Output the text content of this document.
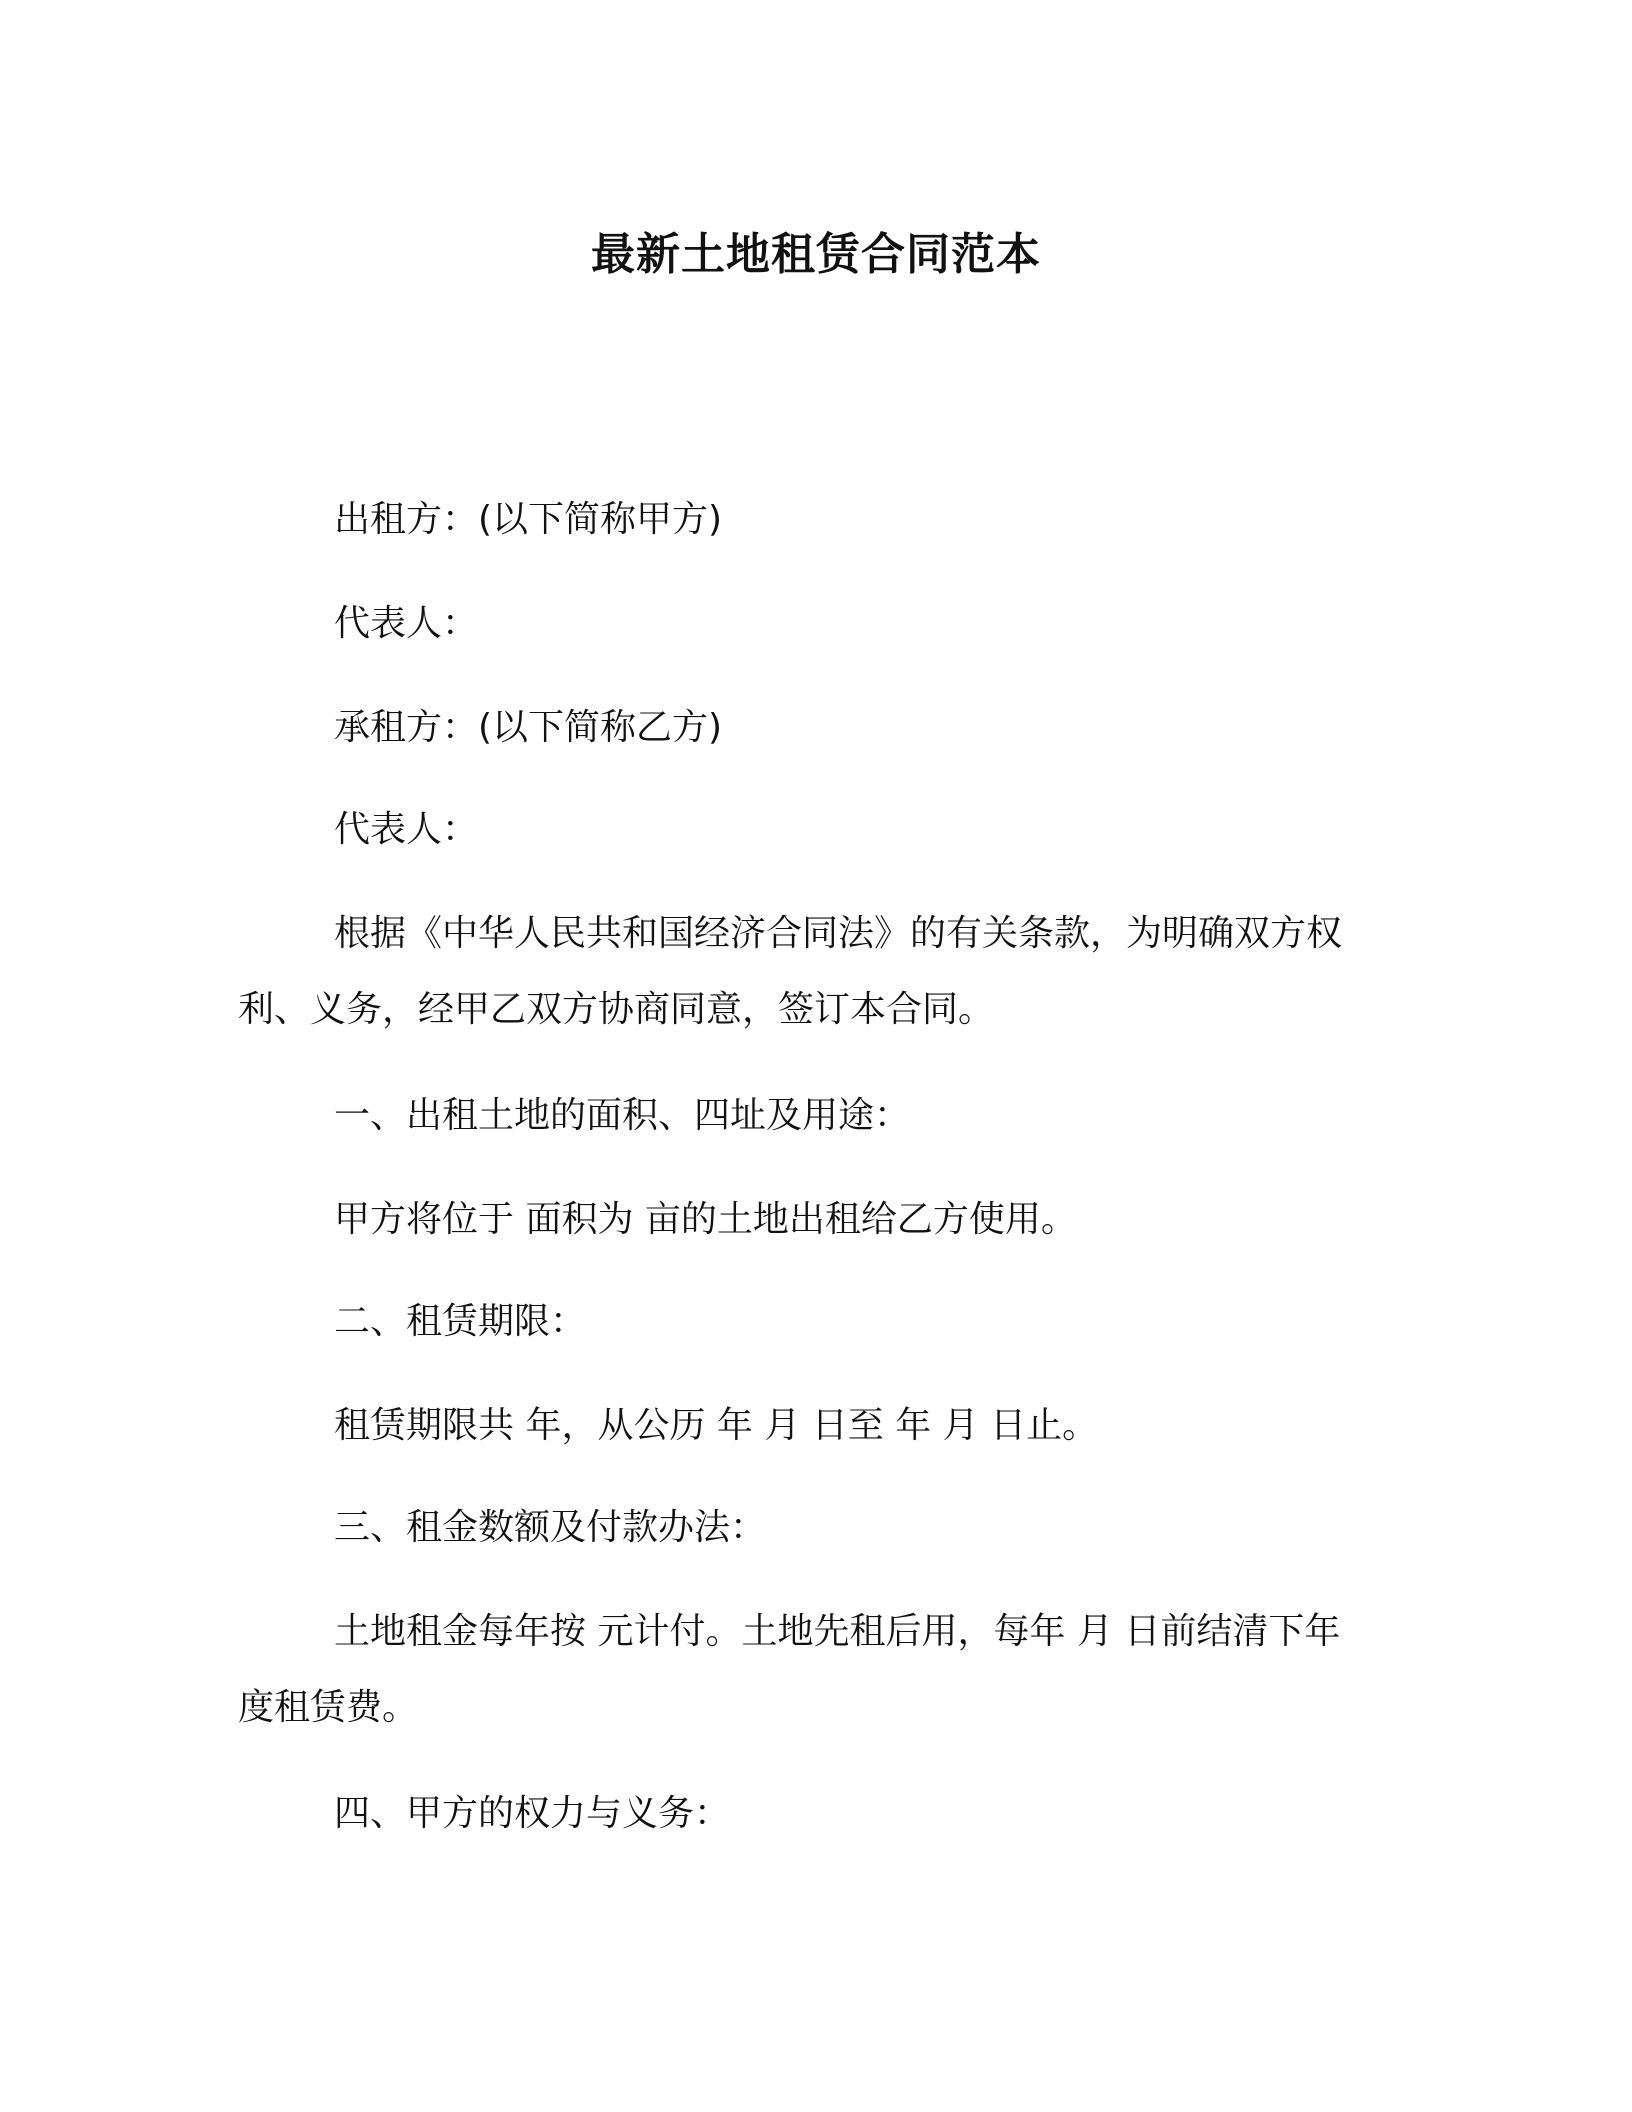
最新土地租赁合同范本

出租方：(以下简称甲方)

代表人：

承租方：(以下简称乙方)

代表人：

根据《中华人民共和国经济合同法》的有关条款，为明确双方权

利、义务，经甲乙双方协商同意，签订本合同。

一、出租土地的面积、四址及用途：

甲方将位于 面积为 亩的土地出租给乙方使用。

二、租赁期限：

租赁期限共 年，从公历 年 月 日至 年 月 日止。

三、租金数额及付款办法：

土地租金每年按 元计付。土地先租后用，每年 月 日前结清下年

度租赁费。

四、甲方的权力与义务：
